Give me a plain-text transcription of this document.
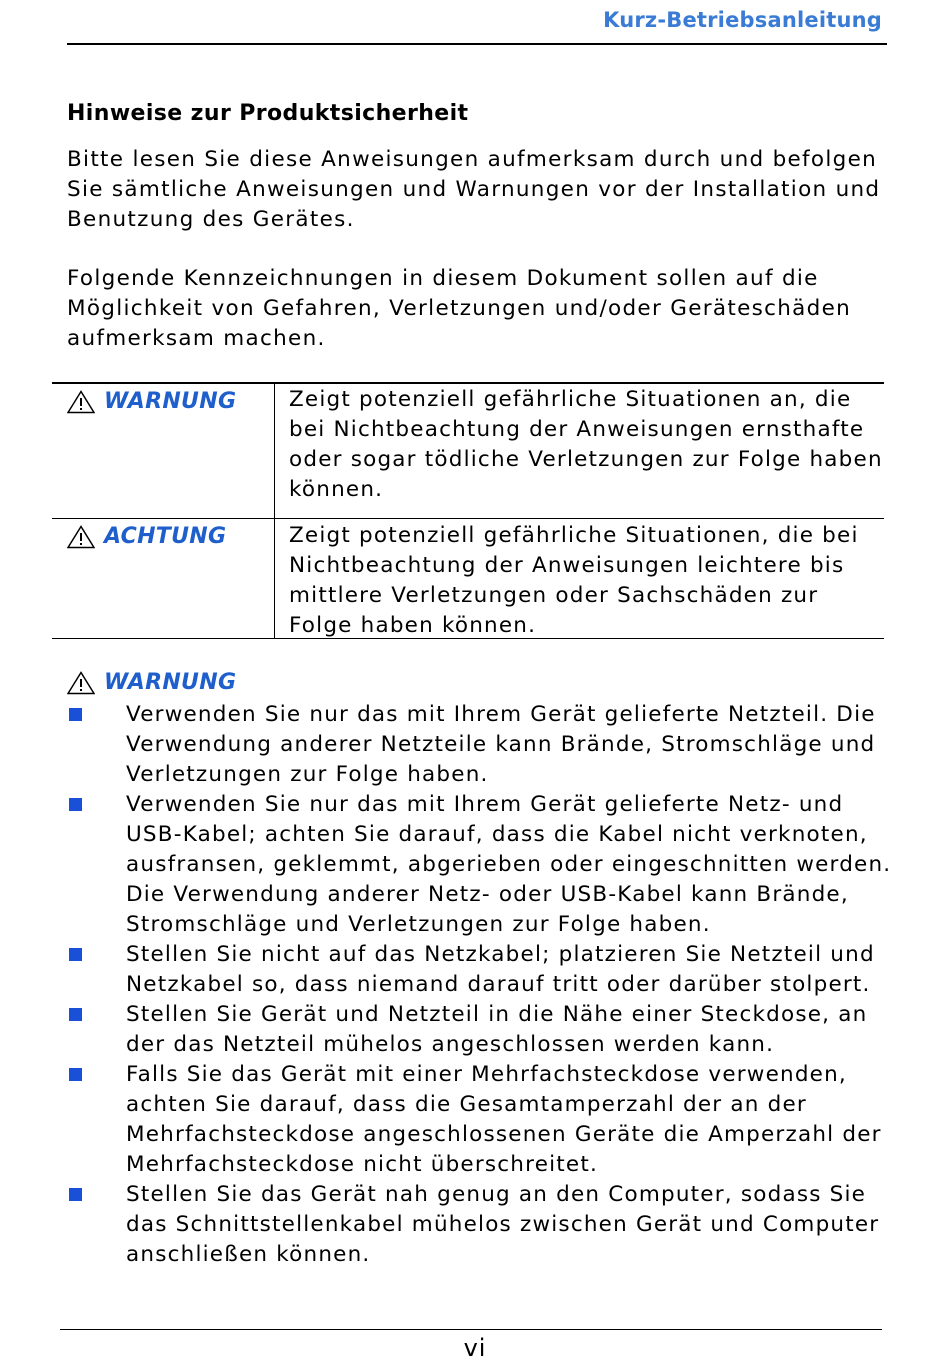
Kurz-Betriebsanleitung
Hinweise zur Produktsicherheit

Bitte lesen Sie diese Anweisungen aufmerksam durch und befolgen Sie sämtliche Anweisungen und Warnungen vor der Installation und Benutzung des Gerätes.

Folgende Kennzeichnungen in diesem Dokument sollen auf die Möglichkeit von Gefahren, Verletzungen und/oder Geräteschäden aufmerksam machen.

WARNUNG Zeigt potenziell gefährliche Situationen an, die bei Nichtbeachtung der Anweisungen ernsthafte oder sogar tödliche Verletzungen zur Folge haben können.

ACHTUNG	Zeigt potenziell gefährliche Situationen, die bei Nichtbeachtung der Anweisungen leichtere bis mittlere Verletzungen oder Sachschäden zur Folge haben können.

WARNUNG
Verwenden Sie nur das mit Ihrem Gerät gelieferte Netzteil. Die Verwendung anderer Netzteile kann Brände, Stromschläge und Verletzungen zur Folge haben.
Verwenden Sie nur das mit Ihrem Gerät gelieferte Netz- und USB-Kabel; achten Sie darauf, dass die Kabel nicht verknoten, ausfransen, geklemmt, abgerieben oder eingeschnitten werden. Die Verwendung anderer Netz- oder USB-Kabel kann Brände, Stromschläge und Verletzungen zur Folge haben.
Stellen Sie nicht auf das Netzkabel; platzieren Sie Netzteil und Netzkabel so, dass niemand darauf tritt oder darüber stolpert.
Stellen Sie Gerät und Netzteil in die Nähe einer Steckdose, an der das Netzteil mühelos angeschlossen werden kann.
Falls Sie das Gerät mit einer Mehrfachsteckdose verwenden, achten Sie darauf, dass die Gesamtamperzahl der an der Mehrfachsteckdose angeschlossenen Geräte die Amperzahl der Mehrfachsteckdose nicht überschreitet.
Stellen Sie das Gerät nah genug an den Computer, sodass Sie das Schnittstellenkabel mühelos zwischen Gerät und Computer anschließen können.
vi
